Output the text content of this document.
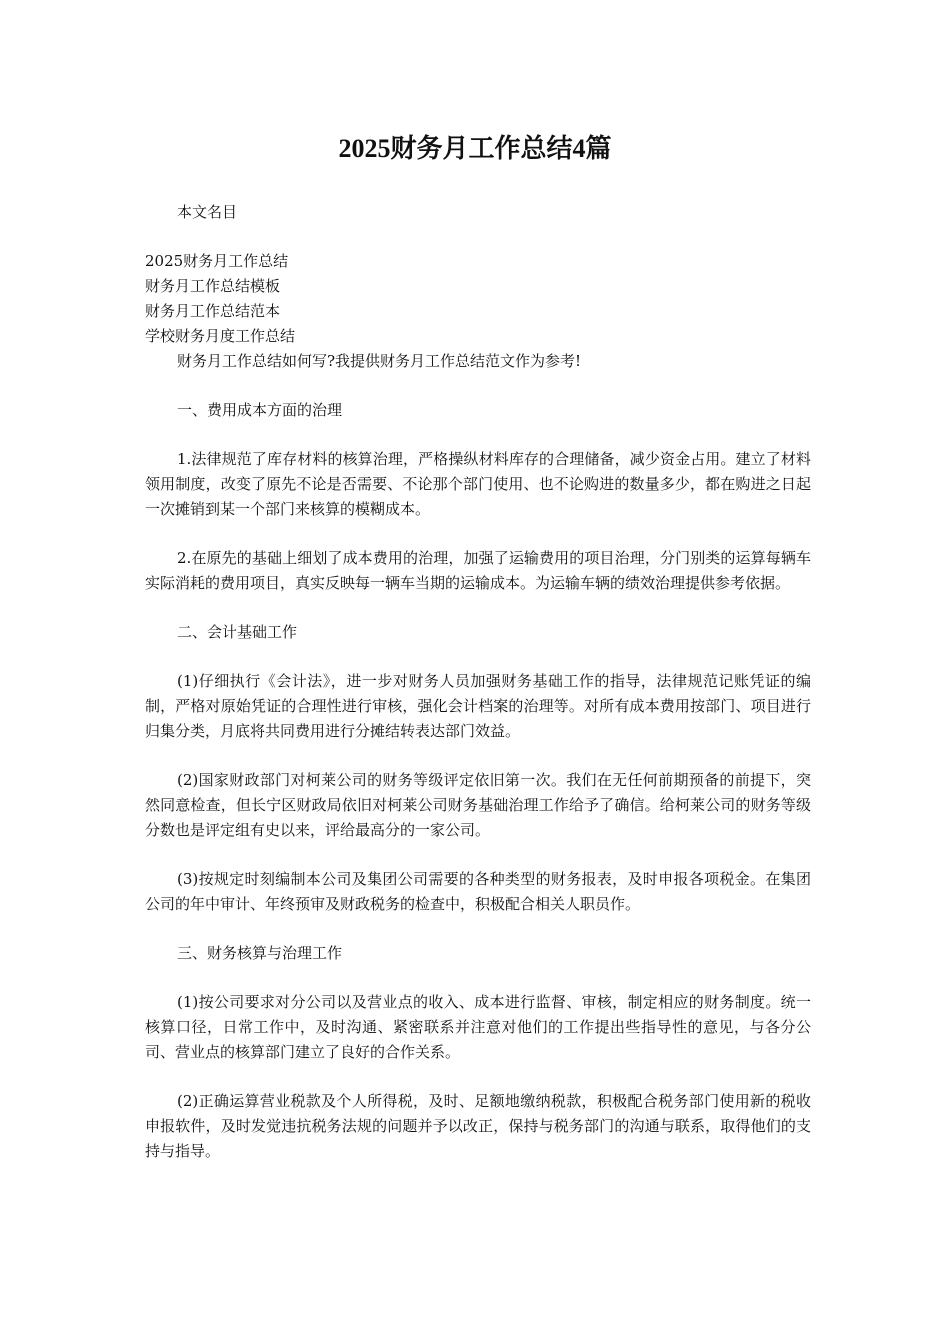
2025财务月工作总结4篇

本文名目

2025财务月工作总结

财务月工作总结模板

财务月工作总结范本

学校财务月度工作总结

财务月工作总结如何写?我提供财务月工作总结范文作为参考!

一、费用成本方面的治理

1.法律规范了库存材料的核算治理，严格操纵材料库存的合理储备，减少资金占用。建立了材料领用制度，改变了原先不论是否需要、不论那个部门使用、也不论购进的数量多少，都在购进之日起一次摊销到某一个部门来核算的模糊成本。

2.在原先的基础上细划了成本费用的治理，加强了运输费用的项目治理，分门别类的运算每辆车实际消耗的费用项目，真实反映每一辆车当期的运输成本。为运输车辆的绩效治理提供参考依据。

二、会计基础工作

(1)仔细执行《会计法》，进一步对财务人员加强财务基础工作的指导，法律规范记账凭证的编制，严格对原始凭证的合理性进行审核，强化会计档案的治理等。对所有成本费用按部门、项目进行归集分类，月底将共同费用进行分摊结转表达部门效益。

(2)国家财政部门对柯莱公司的财务等级评定依旧第一次。我们在无任何前期预备的前提下，突然同意检查，但长宁区财政局依旧对柯莱公司财务基础治理工作给予了确信。给柯莱公司的财务等级分数也是评定组有史以来，评给最高分的一家公司。

(3)按规定时刻编制本公司及集团公司需要的各种类型的财务报表，及时申报各项税金。在集团公司的年中审计、年终预审及财政税务的检查中，积极配合相关人职员作。

三、财务核算与治理工作

(1)按公司要求对分公司以及营业点的收入、成本进行监督、审核，制定相应的财务制度。统一核算口径，日常工作中，及时沟通、紧密联系并注意对他们的工作提出些指导性的意见，与各分公司、营业点的核算部门建立了良好的合作关系。

(2)正确运算营业税款及个人所得税，及时、足额地缴纳税款，积极配合税务部门使用新的税收申报软件，及时发觉违抗税务法规的问题并予以改正，保持与税务部门的沟通与联系，取得他们的支持与指导。
